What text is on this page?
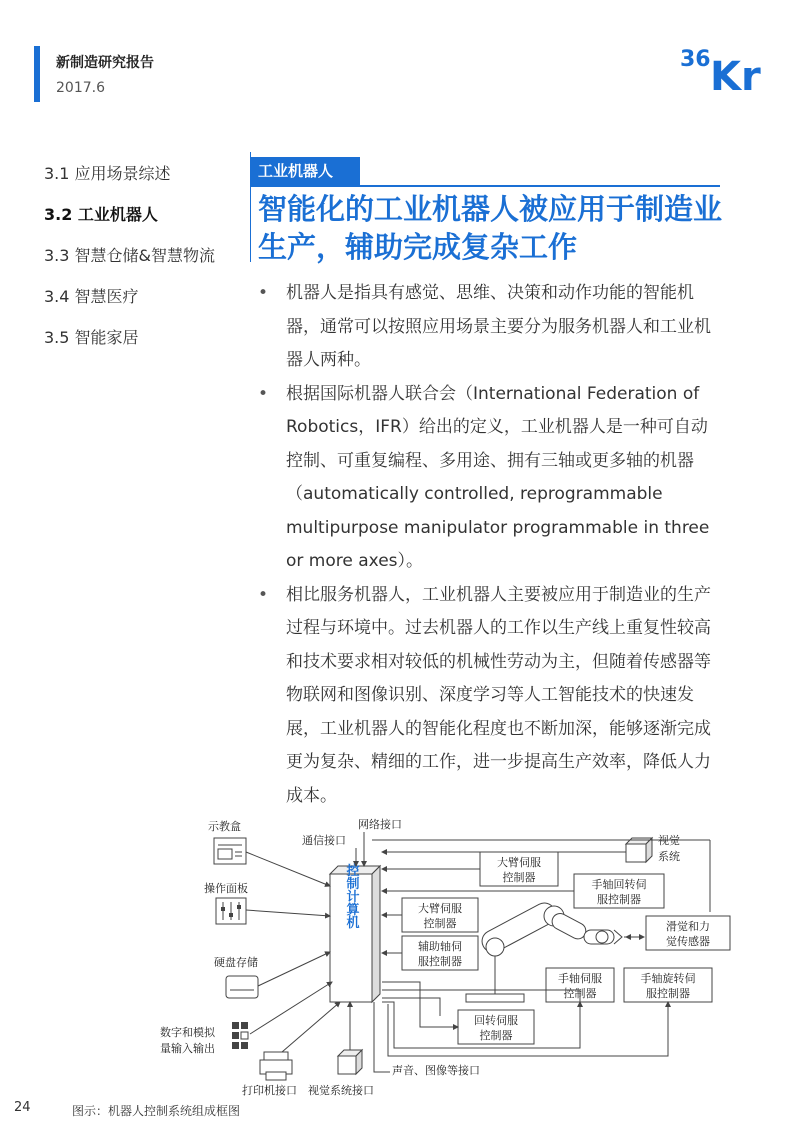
新制造研究报告
2017.6
36 Kr
3.1 应用场景综述
3.2 工业机器人
3.3 智慧仓储&智慧物流
3.4 智慧医疗
3.5 智能家居
工业机器人
智能化的工业机器人被应用于制造业生产，辅助完成复杂工作
• 机器人是指具有感觉、思维、决策和动作功能的智能机器，通常可以按照应用场景主要分为服务机器人和工业机器人两种。
• 根据国际机器人联合会（International Federation of Robotics，IFR）给出的定义，工业机器人是一种可自动控制、可重复编程、多用途、拥有三轴或更多轴的机器（automatically controlled, reprogrammable multipurpose manipulator programmable in three or more axes）。
• 相比服务机器人，工业机器人主要被应用于制造业的生产过程与环境中。过去机器人的工作以生产线上重复性较高和技术要求相对较低的机械性劳动为主，但随着传感器等物联网和图像识别、深度学习等人工智能技术的快速发展，工业机器人的智能化程度也不断加深，能够逐渐完成更为复杂、精细的工作，进一步提高生产效率，降低人力成本。
控制计算机
示教盒
操作面板
硬盘存储
数字和模拟
量输入输出
打印机接口 视觉系统接口
通信接口
网络接口
视觉
系统
大臂伺服
控制器
手轴回转伺
服控制器
大臂伺服
控制器
辅助轴伺
服控制器
滑觉和力
觉传感器
手轴伺服
控制器
手轴旋转伺
服控制器
回转伺服
控制器
声音、图像等接口
24	图示：机器人控制系统组成框图
